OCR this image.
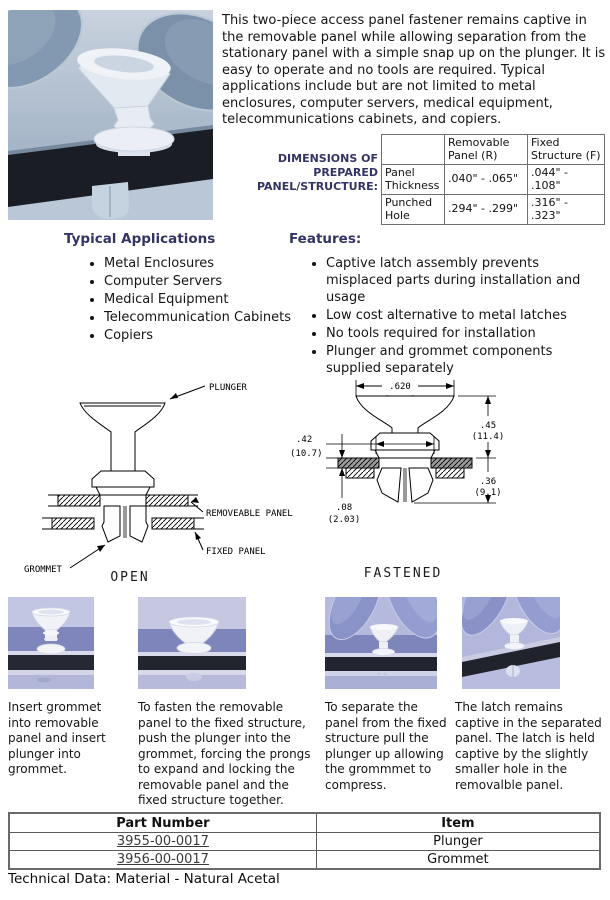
This two-piece access panel fastener remains captive in the removable panel while allowing separation from the stationary panel with a simple snap up on the plunger. It is easy to operate and no tools are required. Typical applications include but are not limited to metal enclosures, computer servers, medical equipment, telecommunications cabinets, and copiers.
DIMENSIONS OF PREPARED PANEL/STRUCTURE:
	Removable Panel (R)	Fixed Structure (F)
Panel Thickness	.040" - .065"	.044" - .108"
Punched Hole	.294" - .299"	.316" - .323"
Typical Applications
• Metal Enclosures
• Computer Servers
• Medical Equipment
• Telecommunication Cabinets
• Copiers
Features:
• Captive latch assembly prevents misplaced parts during installation and usage
• Low cost alternative to metal latches
• No tools required for installation
• Plunger and grommet components supplied separately
PLUNGER
REMOVEABLE PANEL
FIXED PANEL
GROMMET	OPEN
.620
.42
(10.7)
.08
(2.03)
.45
(11.4)
.36
(9.1)
FASTENED
Insert grommet into removable panel and insert plunger into grommet.
To fasten the removable panel to the fixed structure, push the plunger into the grommet, forcing the prongs to expand and locking the removable panel and the fixed structure together.
To separate the panel from the fixed structure pull the plunger up allowing the grommmet to compress.
The latch remains captive in the separated panel. The latch is held captive by the slightly smaller hole in the removalble panel.
Part Number	Item
3955-00-0017	Plunger
3956-00-0017	Grommet
Technical Data: Material - Natural Acetal
